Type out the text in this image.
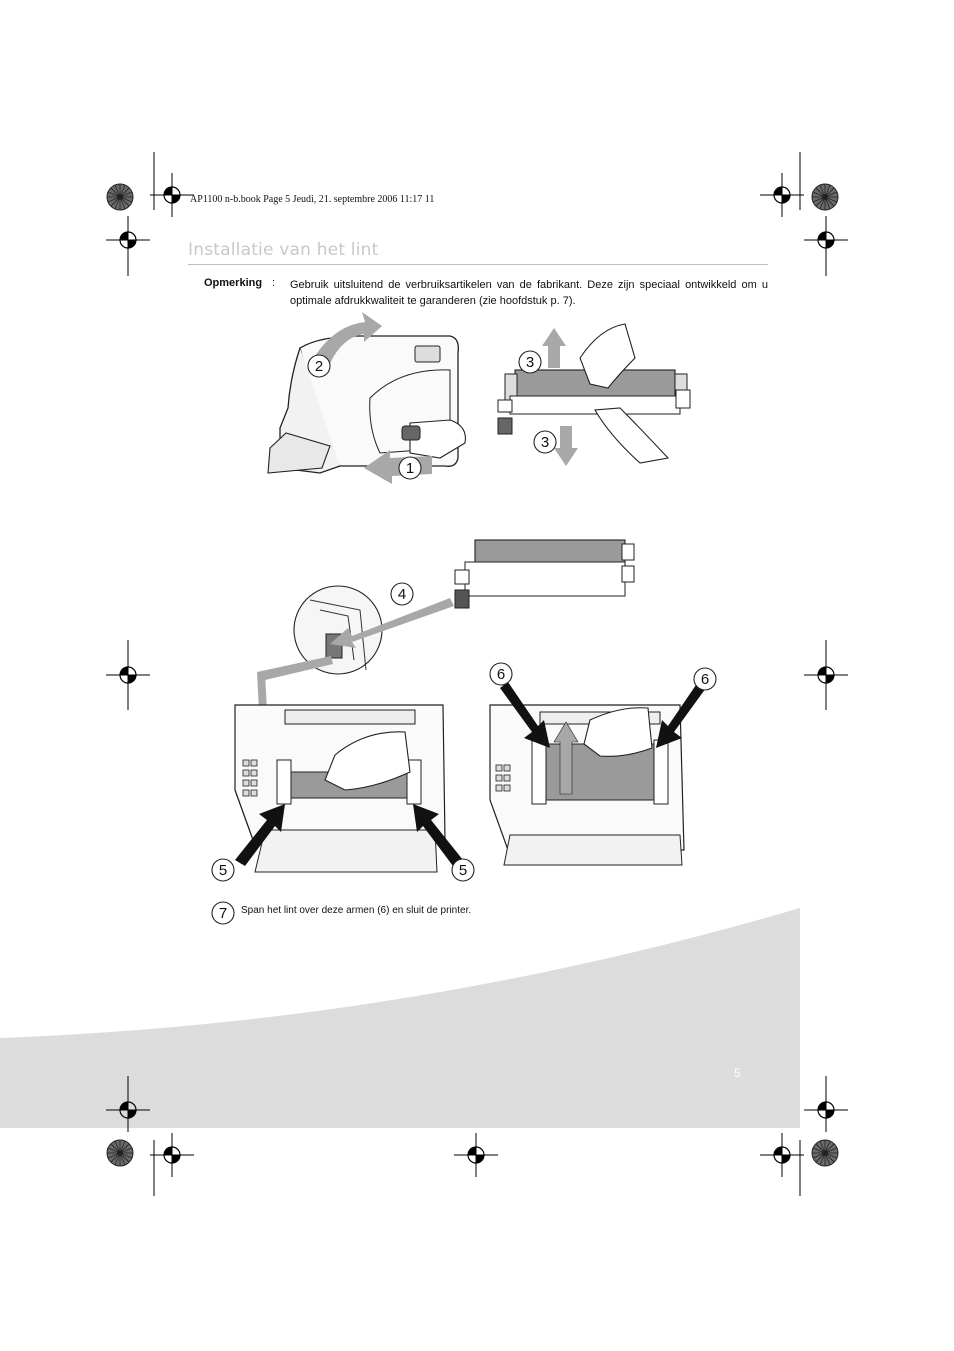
AP1100 n-b.book Page 5 Jeudi, 21. septembre 2006 11:17 11
Installatie van het lint
Opmerking : Gebruik uitsluitend de verbruiksartikelen van de fabrikant. Deze zijn speciaal ontwikkeld om u optimale afdrukkwaliteit te garanderen (zie hoofdstuk p. 7).
2
1
3
3
4
5	5
6	6
7 Span het lint over deze armen (6) en sluit de printer.
5
